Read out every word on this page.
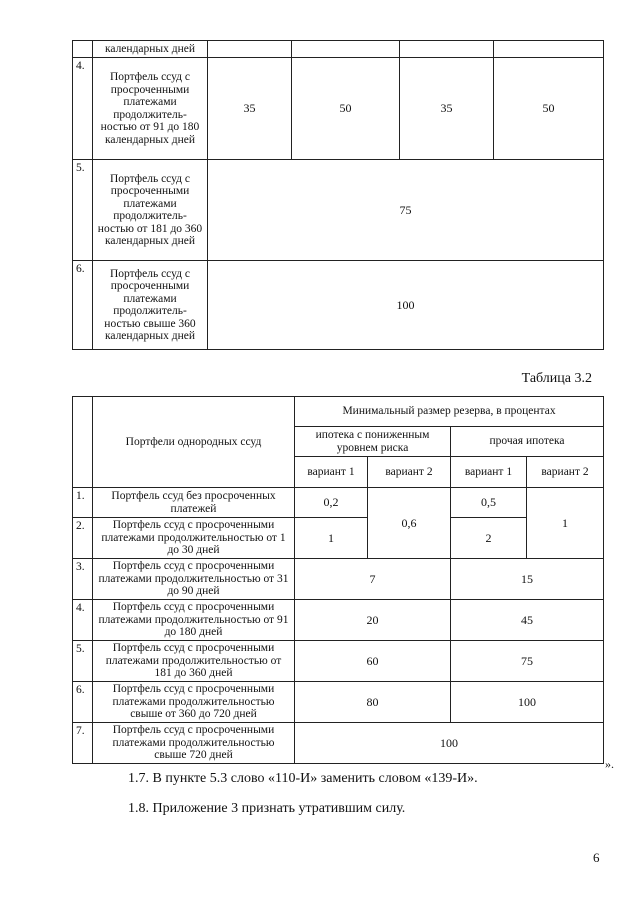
	календарных дней				
4.	Портфель ссуд с просроченными платежами продолжитель-ностью от 91 до 180 календарных дней	35	50	35	50
5.	Портфель ссуд с просроченными платежами продолжитель-ностью от 181 до 360 календарных дней	75			
6.	Портфель ссуд с просроченными платежами продолжитель-ностью свыше 360 календарных дней	100			
Таблица 3.2
	Портфели однородных ссуд	Минимальный размер резерва, в процентах			
		ипотека с пониженным уровнем риска		прочая ипотека	
		вариант 1	вариант 2	вариант 1	вариант 2
1.	Портфель ссуд без просроченных платежей	0,2	0,6	0,5	1
2.	Портфель ссуд с просроченными платежами продолжительностью от 1 до 30 дней	1		2	
3.	Портфель ссуд с просроченными платежами продолжительностью от 31 до 90 дней	7		15	
4.	Портфель ссуд с просроченными платежами продолжительностью от 91 до 180 дней	20		45	
5.	Портфель ссуд с просроченными платежами продолжительностью от 181 до 360 дней	60		75	
6.	Портфель ссуд с просроченными платежами продолжительностью свыше от 360 до 720 дней	80		100	
7.	Портфель ссуд с просроченными платежами продолжительностью свыше 720 дней	100			
».
1.7. В пункте 5.3 слово «110-И» заменить словом «139-И».
1.8. Приложение 3 признать утратившим силу.
6
